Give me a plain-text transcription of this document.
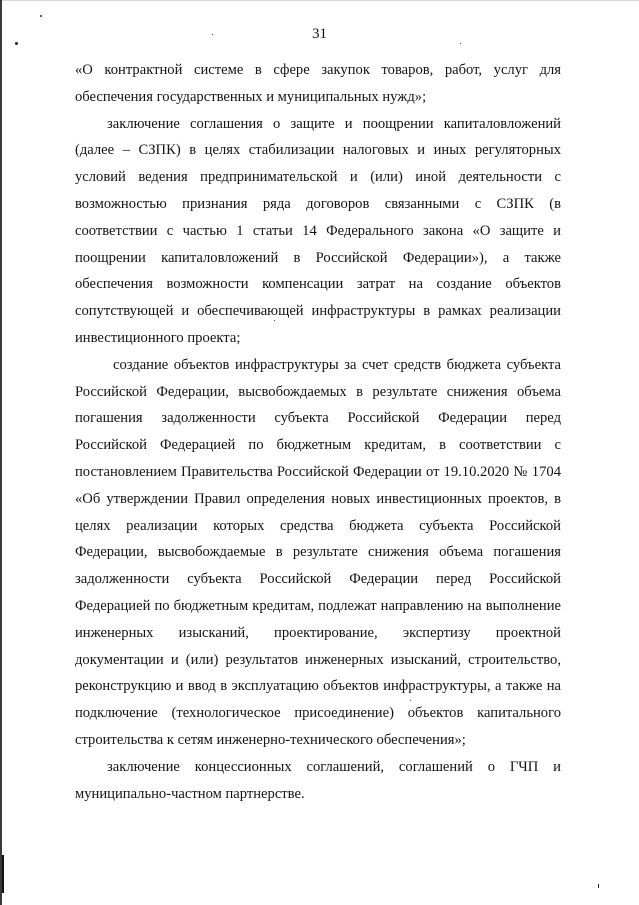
31

«О контрактной системе в сфере закупок товаров, работ, услуг для обеспечения государственных и муниципальных нужд»;

заключение соглашения о защите и поощрении капиталовложений (далее – СЗПК) в целях стабилизации налоговых и иных регуляторных условий ведения предпринимательской и (или) иной деятельности с возможностью признания ряда договоров связанными с СЗПК (в соответствии с частью 1 статьи 14 Федерального закона «О защите и поощрении капиталовложений в Российской Федерации»), а также обеспечения возможности компенсации затрат на создание объектов сопутствующей и обеспечивающей инфраструктуры в рамках реализации инвестиционного проекта;

создание объектов инфраструктуры за счет средств бюджета субъекта Российской Федерации, высвобождаемых в результате снижения объема погашения задолженности субъекта Российской Федерации перед Российской Федерацией по бюджетным кредитам, в соответствии с постановлением Правительства Российской Федерации от 19.10.2020 № 1704 «Об утверждении Правил определения новых инвестиционных проектов, в целях реализации которых средства бюджета субъекта Российской Федерации, высвобождаемые в результате снижения объема погашения задолженности субъекта Российской Федерации перед Российской Федерацией по бюджетным кредитам, подлежат направлению на выполнение инженерных изысканий, проектирование, экспертизу проектной документации и (или) результатов инженерных изысканий, строительство, реконструкцию и ввод в эксплуатацию объектов инфраструктуры, а также на подключение (технологическое присоединение) объектов капитального строительства к сетям инженерно-технического обеспечения»;

заключение концессионных соглашений, соглашений о ГЧП и муниципально-частном партнерстве.
